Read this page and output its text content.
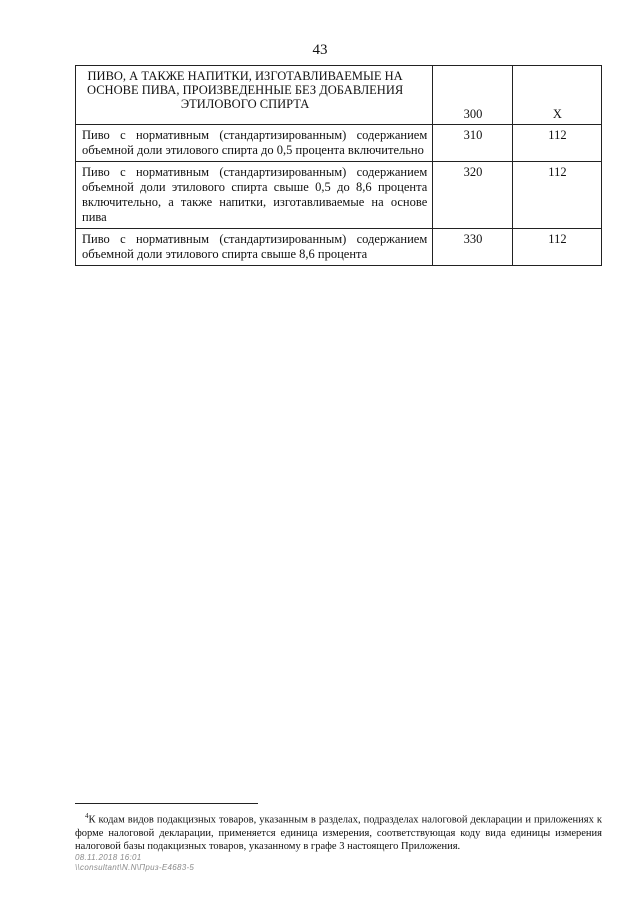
43
ПИВО, А ТАКЖЕ НАПИТКИ, ИЗГОТАВЛИВАЕМЫЕ НА
ОСНОВЕ ПИВА, ПРОИЗВЕДЕННЫЕ БЕЗ ДОБАВЛЕНИЯ
ЭТИЛОВОГО СПИРТА	300	Х
Пиво с нормативным (стандартизированным) содержанием объемной доли этилового спирта до 0,5 процента включительно	310	112
Пиво с нормативным (стандартизированным) содержанием объемной доли этилового спирта свыше 0,5 до 8,6 процента включительно, а также напитки, изготавливаемые на основе пива	320	112
Пиво с нормативным (стандартизированным) содержанием объемной доли этилового спирта свыше 8,6 процента	330	112
$^4$К кодам видов подакцизных товаров, указанным в разделах, подразделах налоговой декларации и приложениях к форме налоговой декларации, применяется единица измерения, соответствующая коду вида единицы измерения налоговой базы подакцизных товаров, указанному в графе 3 настоящего Приложения.
08.11.2018 16:01
\\consultant\N.N\Приз-E4683-5
